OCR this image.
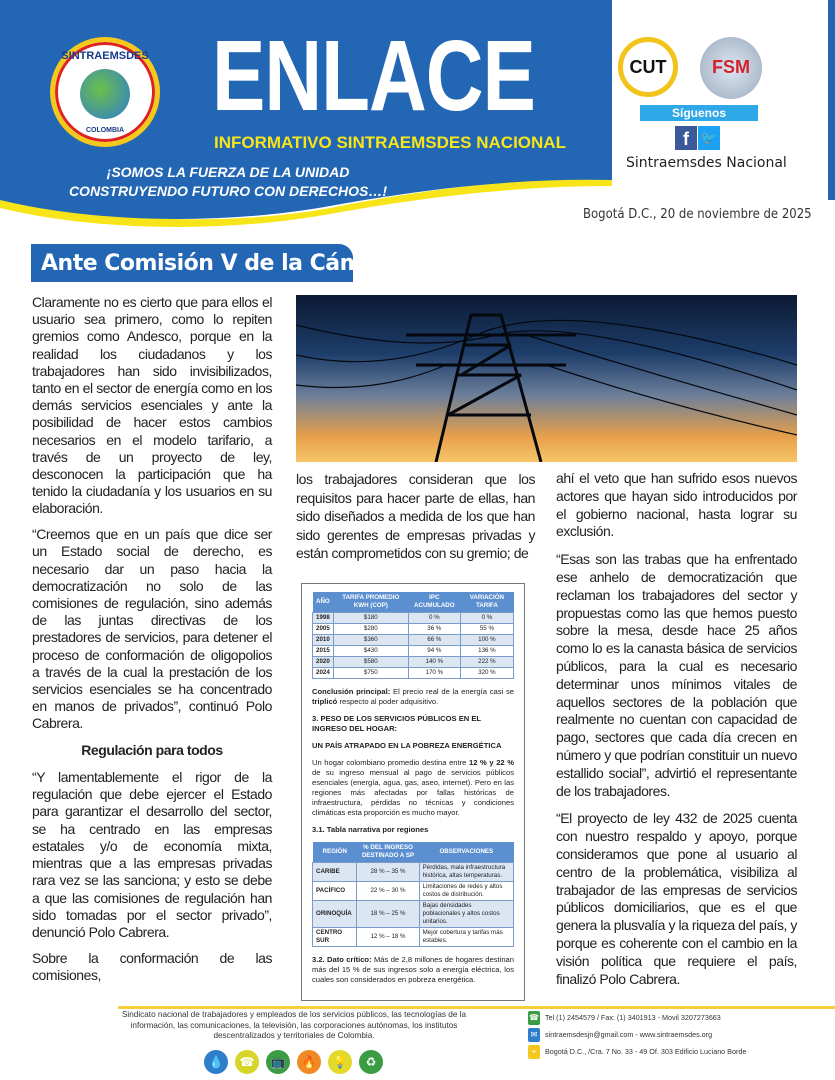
SINTRAEMSDES
COLOMBIA	ENLACE
INFORMATIVO SINTRAEMSDES NACIONAL
¡SOMOS LA FUERZA DE LA UNIDAD
CONSTRUYENDO FUTURO CON DERECHOS…!
CUT	FSM
Síguenos
f 🐦
Sintraemsdes Nacional
Bogotá D.C., 20 de noviembre de 2025
Ante Comisión V de la Cámara

Claramente no es cierto que para ellos el usuario sea primero, como lo repiten gremios como Andesco, porque en la realidad los ciudadanos y los trabajadores han sido invisibilizados, tanto en el sector de energía como en los demás servicios esenciales y ante la posibilidad de hacer estos cambios necesarios en el modelo tarifario, a través de un proyecto de ley, desconocen la participación que ha tenido la ciudadanía y los usuarios en su elaboración.

“Creemos que en un país que dice ser un Estado social de derecho, es necesario dar un paso hacia la democratización no solo de las comisiones de regulación, sino además de las juntas directivas de los prestadores de servicios, para detener el proceso de conformación de oligopolios a través de la cual la prestación de los servicios esenciales se ha concentrado en manos de privados”, continuó Polo Cabrera.

Regulación para todos

“Y lamentablemente el rigor de la regulación que debe ejercer el Estado para garantizar el desarrollo del sector, se ha centrado en las empresas estatales y/o de economía mixta, mientras que a las empresas privadas rara vez se las sanciona; y esto se debe a que las comisiones de regulación han sido tomadas por el sector privado”, denunció Polo Cabrera.

Sobre la conformación de las comisiones,

los trabajadores consideran que los requisitos para hacer parte de ellas, han sido diseñados a medida de los que han sido gerentes de empresas privadas y están comprometidos con su gremio; de

AÑO	TARIFA PROMEDIO KWH (COP)	IPC ACUMULADO	VARIACIÓN TARIFA
1998	$180	0 %	0 %
2005	$280	36 %	55 %
2010	$360	66 %	100 %
2015	$430	94 %	136 %
2020	$580	140 %	222 %
2024	$750	170 %	320 %

Conclusión principal: El precio real de la energía casi se triplicó respecto al poder adquisitivo.

3. PESO DE LOS SERVICIOS PÚBLICOS EN EL INGRESO DEL HOGAR:
UN PAÍS ATRAPADO EN LA POBREZA ENERGÉTICA

Un hogar colombiano promedio destina entre 12 % y 22 % de su ingreso mensual al pago de servicios públicos esenciales (energía, agua, gas, aseo, internet). Pero en las regiones más afectadas por fallas históricas de infraestructura, pérdidas no técnicas y condiciones climáticas esta proporción es mucho mayor.

3.1. Tabla narrativa por regiones
REGIÓN	% DEL INGRESO DESTINADO A SP	OBSERVACIONES
CARIBE	28 % – 35 %	Pérdidas, mala infraestructura histórica, altas temperaturas.
PACÍFICO	22 % – 30 %	Limitaciones de redes y altos costos de distribución.
ORINOQUÍA	18 % – 25 %	Bajas densidades poblacionales y altos costos unitarios.
CENTRO SUR	12 % – 18 %	Mejor cobertura y tarifas más estables.

3.2. Dato crítico: Más de 2,8 millones de hogares destinan más del 15 % de sus ingresos solo a energía eléctrica, los cuales son considerados en pobreza energética.

ahí el veto que han sufrido esos nuevos actores que hayan sido introducidos por el gobierno nacional, hasta lograr su exclusión.

“Esas son las trabas que ha enfrentado ese anhelo de democratización que reclaman los trabajadores del sector y propuestas como las que hemos puesto sobre la mesa, desde hace 25 años como lo es la canasta básica de servicios públicos, para la cual es necesario determinar unos mínimos vitales de aquellos sectores de la población que realmente no cuentan con capacidad de pago, sectores que cada día crecen en número y que podrían constituir un nuevo estallido social”, advirtió el representante de los trabajadores.

“El proyecto de ley 432 de 2025 cuenta con nuestro respaldo y apoyo, porque consideramos que pone al usuario al centro de la problemática, visibiliza al trabajador de las empresas de servicios públicos domiciliarios, que es el que genera la plusvalía y la riqueza del país, y porque es coherente con el cambio en la visión política que requiere el país, finalizó Polo Cabrera.

Sindicato nacional de trabajadores y empleados de los servicios públicos, las tecnologías de la información, las comunicaciones, la televisión, las corporaciones autónomas, los institutos descentralizados y territoriales de Colombia.
💧	☎	📺	🔥	💡	♻
☎ Tel (1) 2454579 / Fax: (1) 3401913 - Movil 3207273663
✉	sintraemsdesjn@gmail.com - www.sintraemsdes.org
⌖	Bogotá D.C., /Cra. 7 No. 33 - 49 Of. 303 Edificio Luciano Borde
